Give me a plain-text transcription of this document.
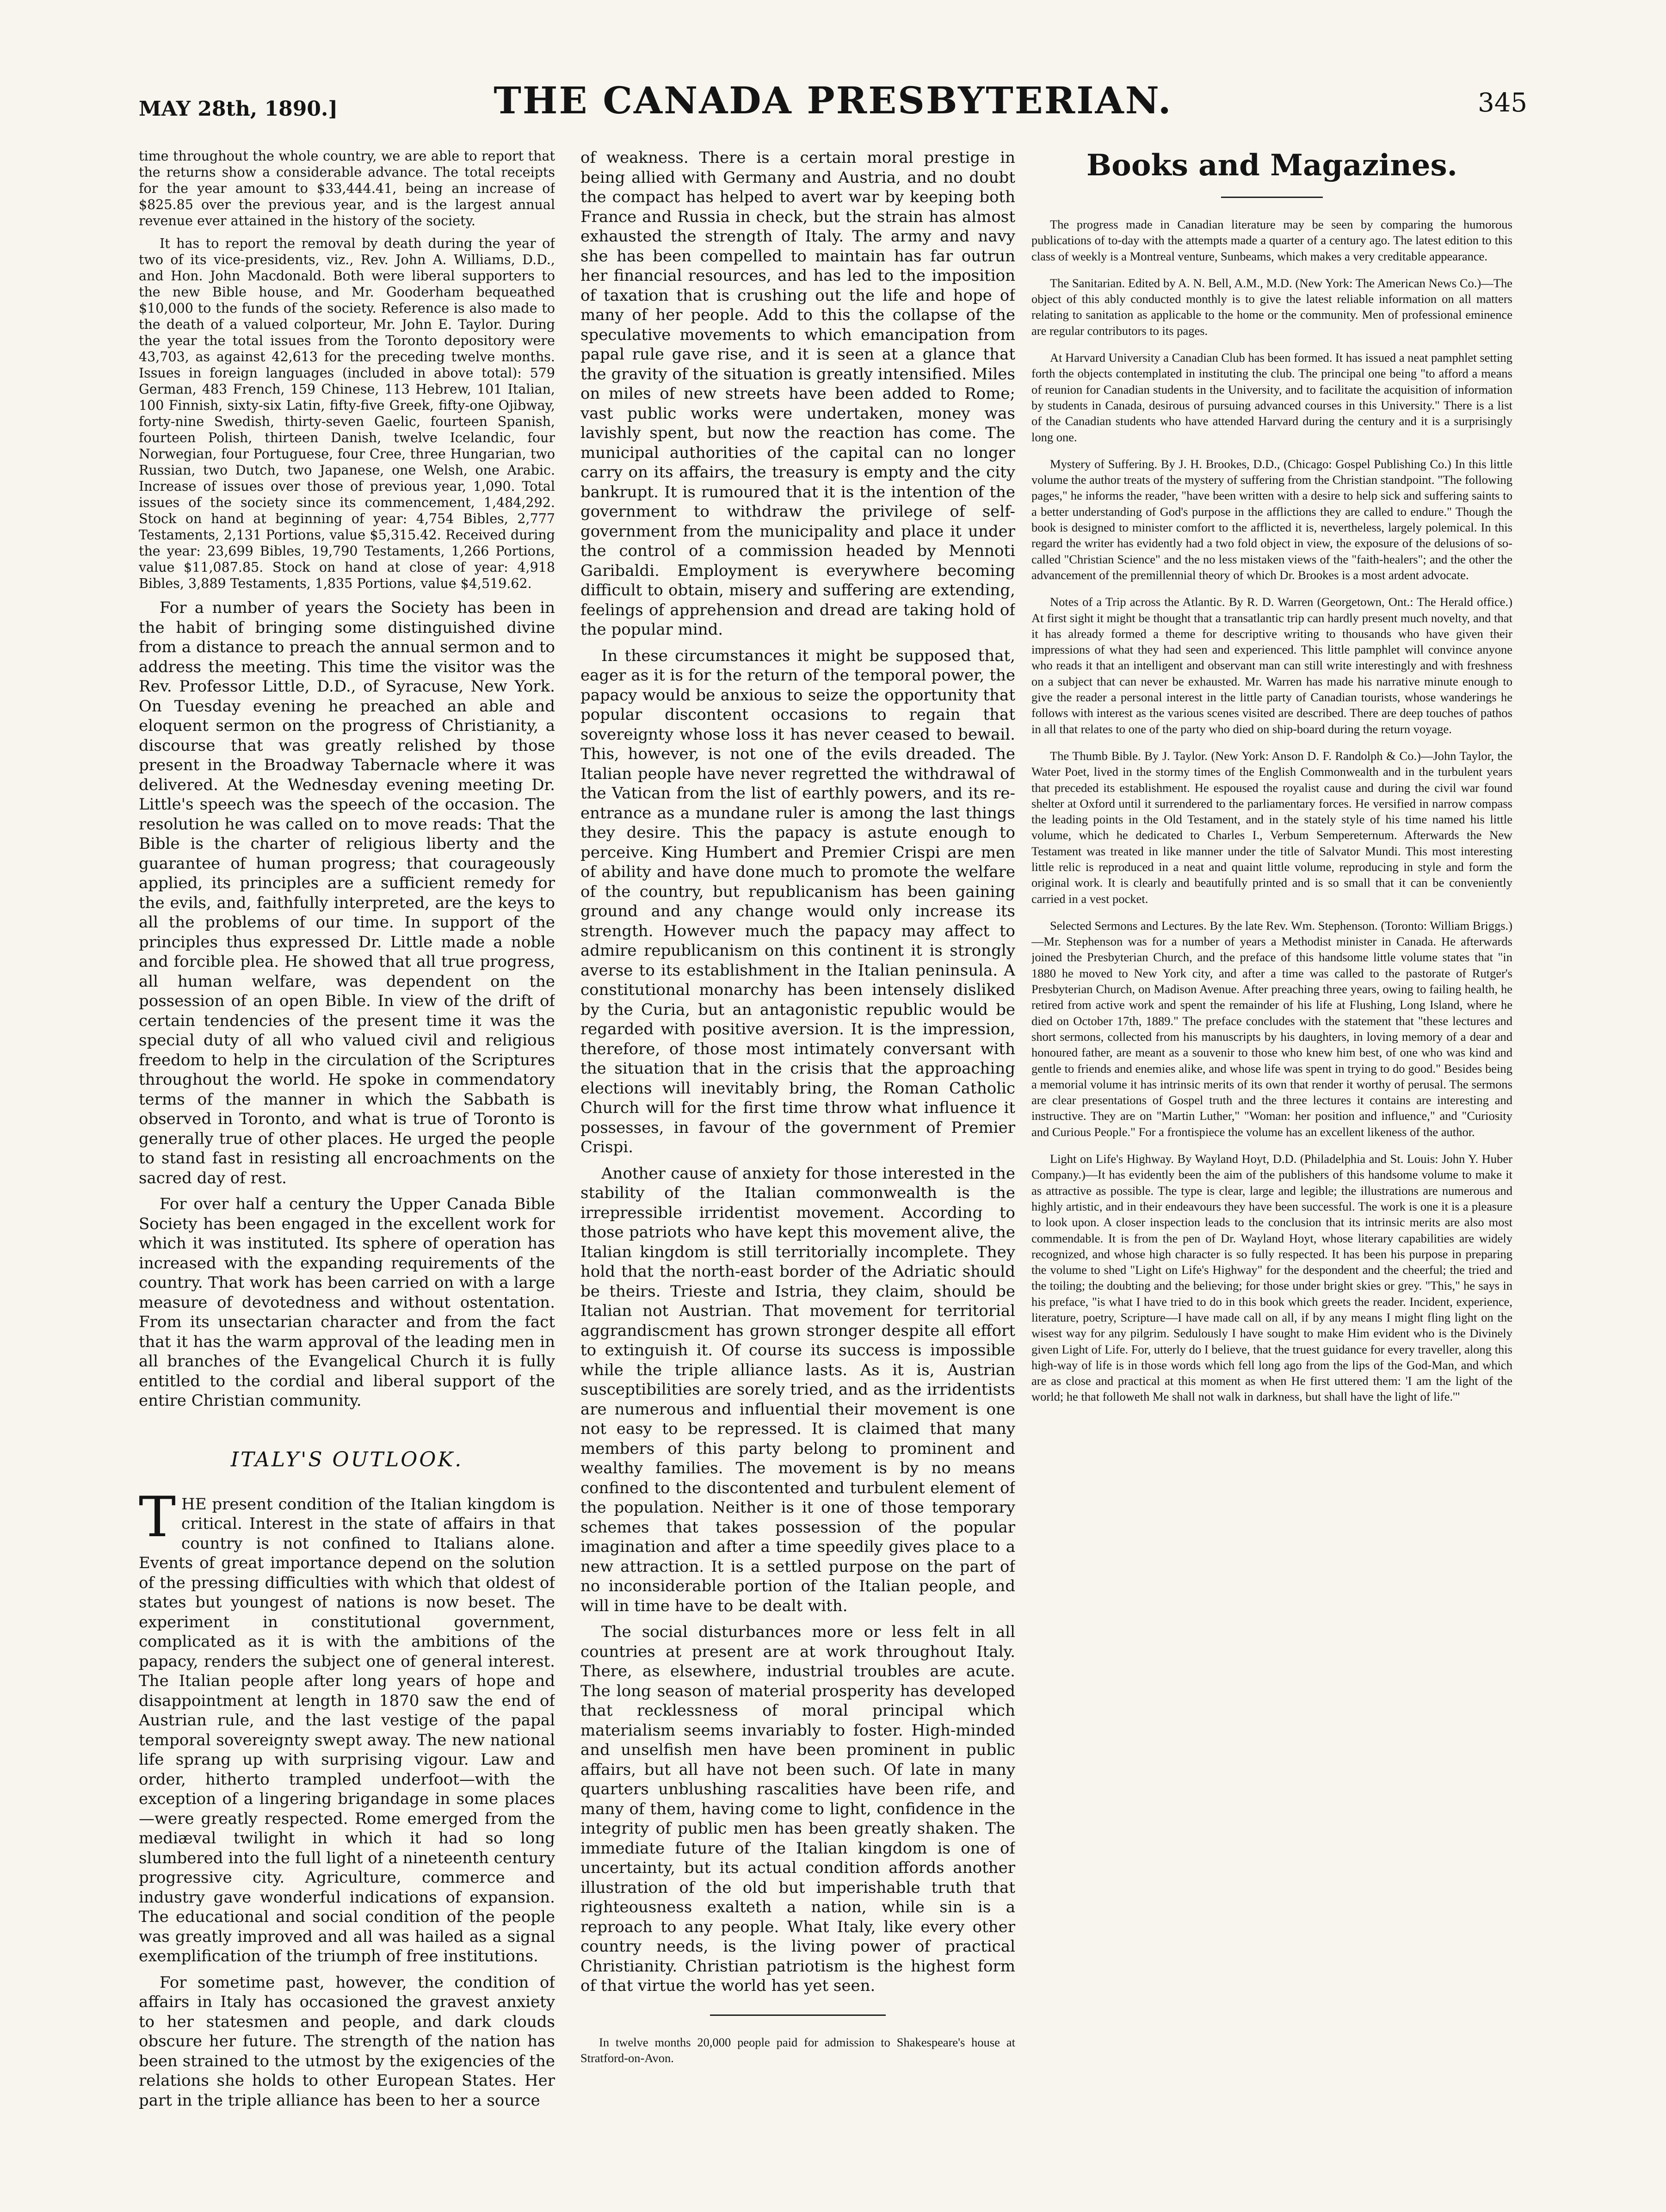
MAY 28th, 1890.]	THE CANADA PRESBYTERIAN.	345

time throughout the whole country, we are able to report that the returns show a considerable advance. The total receipts for the year amount to $33,444.41, being an increase of $825.85 over the previous year, and is the largest annual revenue ever attained in the history of the society.

It has to report the removal by death during the year of two of its vice-presidents, viz., Rev. John A. Williams, D.D., and Hon. John Macdonald. Both were liberal supporters to the new Bible house, and Mr. Gooderham bequeathed $10,000 to the funds of the society. Reference is also made to the death of a valued colporteur, Mr. John E. Taylor. During the year the total issues from the Toronto depository were 43,703, as against 42,613 for the preceding twelve months. Issues in foreign languages (included in above total): 579 German, 483 French, 159 Chinese, 113 Hebrew, 101 Italian, 100 Finnish, sixty-six Latin, fifty-five Greek, fifty-one Ojibway, forty-nine Swedish, thirty-seven Gaelic, fourteen Spanish, fourteen Polish, thirteen Danish, twelve Icelandic, four Norwegian, four Portuguese, four Cree, three Hungarian, two Russian, two Dutch, two Japanese, one Welsh, one Arabic. Increase of issues over those of previous year, 1,090. Total issues of the society since its commencement, 1,484,292. Stock on hand at beginning of year: 4,754 Bibles, 2,777 Testaments, 2,131 Portions, value $5,315.42. Received during the year: 23,699 Bibles, 19,790 Testaments, 1,266 Portions, value $11,087.85. Stock on hand at close of year: 4,918 Bibles, 3,889 Testaments, 1,835 Portions, value $4,519.62.

For a number of years the Society has been in the habit of bringing some distinguished divine from a distance to preach the annual sermon and to address the meeting. This time the visitor was the Rev. Professor Little, D.D., of Syracuse, New York. On Tuesday evening he preached an able and eloquent sermon on the progress of Christianity, a discourse that was greatly relished by those present in the Broadway Tabernacle where it was delivered. At the Wednesday evening meeting Dr. Little's speech was the speech of the occasion. The resolution he was called on to move reads: That the Bible is the charter of religious liberty and the guarantee of human progress; that courageously applied, its principles are a sufficient remedy for the evils, and, faithfully interpreted, are the keys to all the problems of our time. In support of the principles thus expressed Dr. Little made a noble and forcible plea. He showed that all true progress, all human welfare, was dependent on the possession of an open Bible. In view of the drift of certain tendencies of the present time it was the special duty of all who valued civil and religious freedom to help in the circulation of the Scriptures throughout the world. He spoke in commendatory terms of the manner in which the Sabbath is observed in Toronto, and what is true of Toronto is generally true of other places. He urged the people to stand fast in resisting all encroachments on the sacred day of rest.

For over half a century the Upper Canada Bible Society has been engaged in the excellent work for which it was instituted. Its sphere of operation has increased with the expanding requirements of the country. That work has been carried on with a large measure of devotedness and without ostentation. From its unsectarian character and from the fact that it has the warm approval of the leading men in all branches of the Evangelical Church it is fully entitled to the cordial and liberal support of the entire Christian community.

ITALY'S OUTLOOK.

THE present condition of the Italian kingdom is critical. Interest in the state of affairs in that country is not confined to Italians alone. Events of great importance depend on the solution of the pressing difficulties with which that oldest of states but youngest of nations is now beset. The experiment in constitutional government, complicated as it is with the ambitions of the papacy, renders the subject one of general interest. The Italian people after long years of hope and disappointment at length in 1870 saw the end of Austrian rule, and the last vestige of the papal temporal sovereignty swept away. The new national life sprang up with surprising vigour. Law and order, hitherto trampled underfoot—with the exception of a lingering brigandage in some places—were greatly respected. Rome emerged from the mediæval twilight in which it had so long slumbered into the full light of a nineteenth century progressive city. Agriculture, commerce and industry gave wonderful indications of expansion. The educational and social condition of the people was greatly improved and all was hailed as a signal exemplification of the triumph of free institutions.

For sometime past, however, the condition of affairs in Italy has occasioned the gravest anxiety to her statesmen and people, and dark clouds obscure her future. The strength of the nation has been strained to the utmost by the exigencies of the relations she holds to other European States. Her part in the triple alliance has been to her a source

of weakness. There is a certain moral prestige in being allied with Germany and Austria, and no doubt the compact has helped to avert war by keeping both France and Russia in check, but the strain has almost exhausted the strength of Italy. The army and navy she has been compelled to maintain has far outrun her financial resources, and has led to the imposition of taxation that is crushing out the life and hope of many of her people. Add to this the collapse of the speculative movements to which emancipation from papal rule gave rise, and it is seen at a glance that the gravity of the situation is greatly intensified. Miles on miles of new streets have been added to Rome; vast public works were undertaken, money was lavishly spent, but now the reaction has come. The municipal authorities of the capital can no longer carry on its affairs, the treasury is empty and the city bankrupt. It is rumoured that it is the intention of the government to withdraw the privilege of self-government from the municipality and place it under the control of a commission headed by Mennoti Garibaldi. Employment is everywhere becoming difficult to obtain, misery and suffering are extending, feelings of apprehension and dread are taking hold of the popular mind.

In these circumstances it might be supposed that, eager as it is for the return of the temporal power, the papacy would be anxious to seize the opportunity that popular discontent occasions to regain that sovereignty whose loss it has never ceased to bewail. This, however, is not one of the evils dreaded. The Italian people have never regretted the withdrawal of the Vatican from the list of earthly powers, and its re-entrance as a mundane ruler is among the last things they desire. This the papacy is astute enough to perceive. King Humbert and Premier Crispi are men of ability and have done much to promote the welfare of the country, but republicanism has been gaining ground and any change would only increase its strength. However much the papacy may affect to admire republicanism on this continent it is strongly averse to its establishment in the Italian peninsula. A constitutional monarchy has been intensely disliked by the Curia, but an antagonistic republic would be regarded with positive aversion. It is the impression, therefore, of those most intimately conversant with the situation that in the crisis that the approaching elections will inevitably bring, the Roman Catholic Church will for the first time throw what influence it possesses, in favour of the government of Premier Crispi.

Another cause of anxiety for those interested in the stability of the Italian commonwealth is the irrepressible irridentist movement. According to those patriots who have kept this movement alive, the Italian kingdom is still territorially incomplete. They hold that the north-east border of the Adriatic should be theirs. Trieste and Istria, they claim, should be Italian not Austrian. That movement for territorial aggrandiscment has grown stronger despite all effort to extinguish it. Of course its success is impossible while the triple alliance lasts. As it is, Austrian susceptibilities are sorely tried, and as the irridentists are numerous and influential their movement is one not easy to be repressed. It is claimed that many members of this party belong to prominent and wealthy families. The movement is by no means confined to the discontented and turbulent element of the population. Neither is it one of those temporary schemes that takes possession of the popular imagination and after a time speedily gives place to a new attraction. It is a settled purpose on the part of no inconsiderable portion of the Italian people, and will in time have to be dealt with.

The social disturbances more or less felt in all countries at present are at work throughout Italy. There, as elsewhere, industrial troubles are acute. The long season of material prosperity has developed that recklessness of moral principal which materialism seems invariably to foster. High-minded and unselfish men have been prominent in public affairs, but all have not been such. Of late in many quarters unblushing rascalities have been rife, and many of them, having come to light, confidence in the integrity of public men has been greatly shaken. The immediate future of the Italian kingdom is one of uncertainty, but its actual condition affords another illustration of the old but imperishable truth that righteousness exalteth a nation, while sin is a reproach to any people. What Italy, like every other country needs, is the living power of practical Christianity. Christian patriotism is the highest form of that virtue the world has yet seen.

In twelve months 20,000 people paid for admission to Shakespeare's house at Stratford-on-Avon.

Books and Magazines.

The progress made in Canadian literature may be seen by comparing the humorous publications of to-day with the attempts made a quarter of a century ago. The latest edition to this class of weekly is a Montreal venture, Sunbeams, which makes a very creditable appearance.

The Sanitarian. Edited by A. N. Bell, A.M., M.D. (New York: The American News Co.)—The object of this ably conducted monthly is to give the latest reliable information on all matters relating to sanitation as applicable to the home or the community. Men of professional eminence are regular contributors to its pages.

At Harvard University a Canadian Club has been formed. It has issued a neat pamphlet setting forth the objects contemplated in instituting the club. The principal one being "to afford a means of reunion for Canadian students in the University, and to facilitate the acquisition of information by students in Canada, desirous of pursuing advanced courses in this University." There is a list of the Canadian students who have attended Harvard during the century and it is a surprisingly long one.

Mystery of Suffering. By J. H. Brookes, D.D., (Chicago: Gospel Publishing Co.) In this little volume the author treats of the mystery of suffering from the Christian standpoint. "The following pages," he informs the reader, "have been written with a desire to help sick and suffering saints to a better understanding of God's purpose in the afflictions they are called to endure." Though the book is designed to minister comfort to the afflicted it is, nevertheless, largely polemical. In this regard the writer has evidently had a two fold object in view, the exposure of the delusions of so-called "Christian Science" and the no less mistaken views of the "faith-healers"; and the other the advancement of the premillennial theory of which Dr. Brookes is a most ardent advocate.

Notes of a Trip across the Atlantic. By R. D. Warren (Georgetown, Ont.: The Herald office.) At first sight it might be thought that a transatlantic trip can hardly present much novelty, and that it has already formed a theme for descriptive writing to thousands who have given their impressions of what they had seen and experienced. This little pamphlet will convince anyone who reads it that an intelligent and observant man can still write interestingly and with freshness on a subject that can never be exhausted. Mr. Warren has made his narrative minute enough to give the reader a personal interest in the little party of Canadian tourists, whose wanderings he follows with interest as the various scenes visited are described. There are deep touches of pathos in all that relates to one of the party who died on ship-board during the return voyage.

The Thumb Bible. By J. Taylor. (New York: Anson D. F. Randolph & Co.)—John Taylor, the Water Poet, lived in the stormy times of the English Commonwealth and in the turbulent years that preceded its establishment. He espoused the royalist cause and during the civil war found shelter at Oxford until it surrendered to the parliamentary forces. He versified in narrow compass the leading points in the Old Testament, and in the stately style of his time named his little volume, which he dedicated to Charles I., Verbum Sempereternum. Afterwards the New Testament was treated in like manner under the title of Salvator Mundi. This most interesting little relic is reproduced in a neat and quaint little volume, reproducing in style and form the original work. It is clearly and beautifully printed and is so small that it can be conveniently carried in a vest pocket.

Selected Sermons and Lectures. By the late Rev. Wm. Stephenson. (Toronto: William Briggs.)—Mr. Stephenson was for a number of years a Methodist minister in Canada. He afterwards joined the Presbyterian Church, and the preface of this handsome little volume states that "in 1880 he moved to New York city, and after a time was called to the pastorate of Rutger's Presbyterian Church, on Madison Avenue. After preaching three years, owing to failing health, he retired from active work and spent the remainder of his life at Flushing, Long Island, where he died on October 17th, 1889." The preface concludes with the statement that "these lectures and short sermons, collected from his manuscripts by his daughters, in loving memory of a dear and honoured father, are meant as a souvenir to those who knew him best, of one who was kind and gentle to friends and enemies alike, and whose life was spent in trying to do good." Besides being a memorial volume it has intrinsic merits of its own that render it worthy of perusal. The sermons are clear presentations of Gospel truth and the three lectures it contains are interesting and instructive. They are on "Martin Luther," "Woman: her position and influence," and "Curiosity and Curious People." For a frontispiece the volume has an excellent likeness of the author.

Light on Life's Highway. By Wayland Hoyt, D.D. (Philadelphia and St. Louis: John Y. Huber Company.)—It has evidently been the aim of the publishers of this handsome volume to make it as attractive as possible. The type is clear, large and legible; the illustrations are numerous and highly artistic, and in their endeavours they have been successful. The work is one it is a pleasure to look upon. A closer inspection leads to the conclusion that its intrinsic merits are also most commendable. It is from the pen of Dr. Wayland Hoyt, whose literary capabilities are widely recognized, and whose high character is so fully respected. It has been his purpose in preparing the volume to shed "Light on Life's Highway" for the despondent and the cheerful; the tried and the toiling; the doubting and the believing; for those under bright skies or grey. "This," he says in his preface, "is what I have tried to do in this book which greets the reader. Incident, experience, literature, poetry, Scripture—I have made call on all, if by any means I might fling light on the wisest way for any pilgrim. Sedulously I have sought to make Him evident who is the Divinely given Light of Life. For, utterly do I believe, that the truest guidance for every traveller, along this high-way of life is in those words which fell long ago from the lips of the God-Man, and which are as close and practical at this moment as when He first uttered them: 'I am the light of the world; he that followeth Me shall not walk in darkness, but shall have the light of life.'"
